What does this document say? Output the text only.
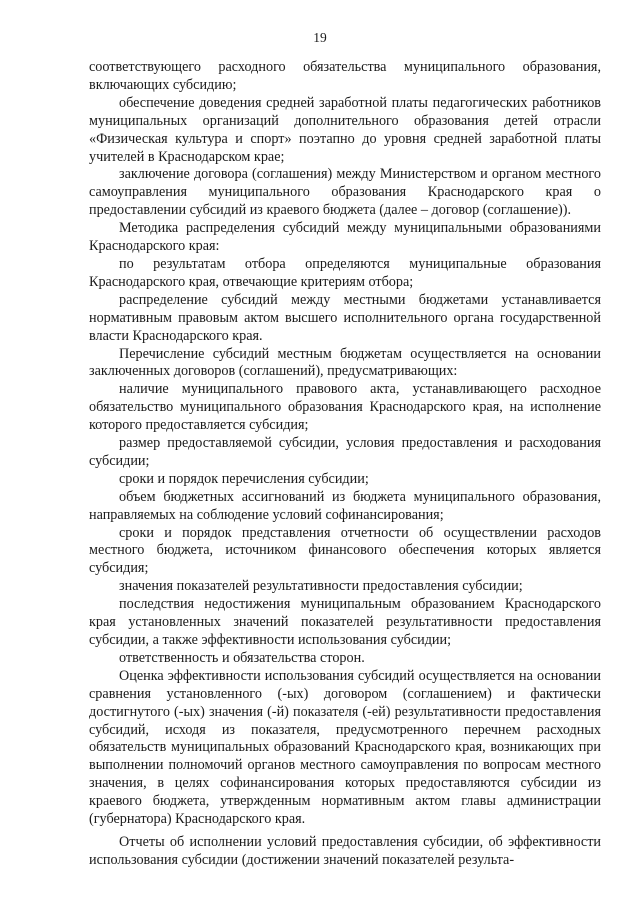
19

соответствующего расходного обязательства муниципального образования, включающих субсидию;

обеспечение доведения средней заработной платы педагогических работников муниципальных организаций дополнительного образования детей отрасли «Физическая культура и спорт» поэтапно до уровня средней заработной платы учителей в Краснодарском крае;

заключение договора (соглашения) между Министерством и органом местного самоуправления муниципального образования Краснодарского края о предоставлении субсидий из краевого бюджета (далее – договор (соглашение)).

Методика распределения субсидий между муниципальными образованиями Краснодарского края:

по результатам отбора определяются муниципальные образования Краснодарского края, отвечающие критериям отбора;

распределение субсидий между местными бюджетами устанавливается нормативным правовым актом высшего исполнительного органа государственной власти Краснодарского края.

Перечисление субсидий местным бюджетам осуществляется на основании заключенных договоров (соглашений), предусматривающих:

наличие муниципального правового акта, устанавливающего расходное обязательство муниципального образования Краснодарского края, на исполнение которого предоставляется субсидия;

размер предоставляемой субсидии, условия предоставления и расходования субсидии;

сроки и порядок перечисления субсидии;

объем бюджетных ассигнований из бюджета муниципального образования, направляемых на соблюдение условий софинансирования;

сроки и порядок представления отчетности об осуществлении расходов местного бюджета, источником финансового обеспечения которых является субсидия;

значения показателей результативности предоставления субсидии;

последствия недостижения муниципальным образованием Краснодарского края установленных значений показателей результативности предоставления субсидии, а также эффективности использования субсидии;

ответственность и обязательства сторон.

Оценка эффективности использования субсидий осуществляется на основании сравнения установленного (-ых) договором (соглашением) и фактически достигнутого (-ых) значения (-й) показателя (-ей) результативности предоставления субсидий, исходя из показателя, предусмотренного перечнем расходных обязательств муниципальных образований Краснодарского края, возникающих при выполнении полномочий органов местного самоуправления по вопросам местного значения, в целях софинансирования которых предоставляются субсидии из краевого бюджета, утвержденным нормативным актом главы администрации (губернатора) Краснодарского края.

Отчеты об исполнении условий предоставления субсидии, об эффективности использования субсидии (достижении значений показателей результа-
